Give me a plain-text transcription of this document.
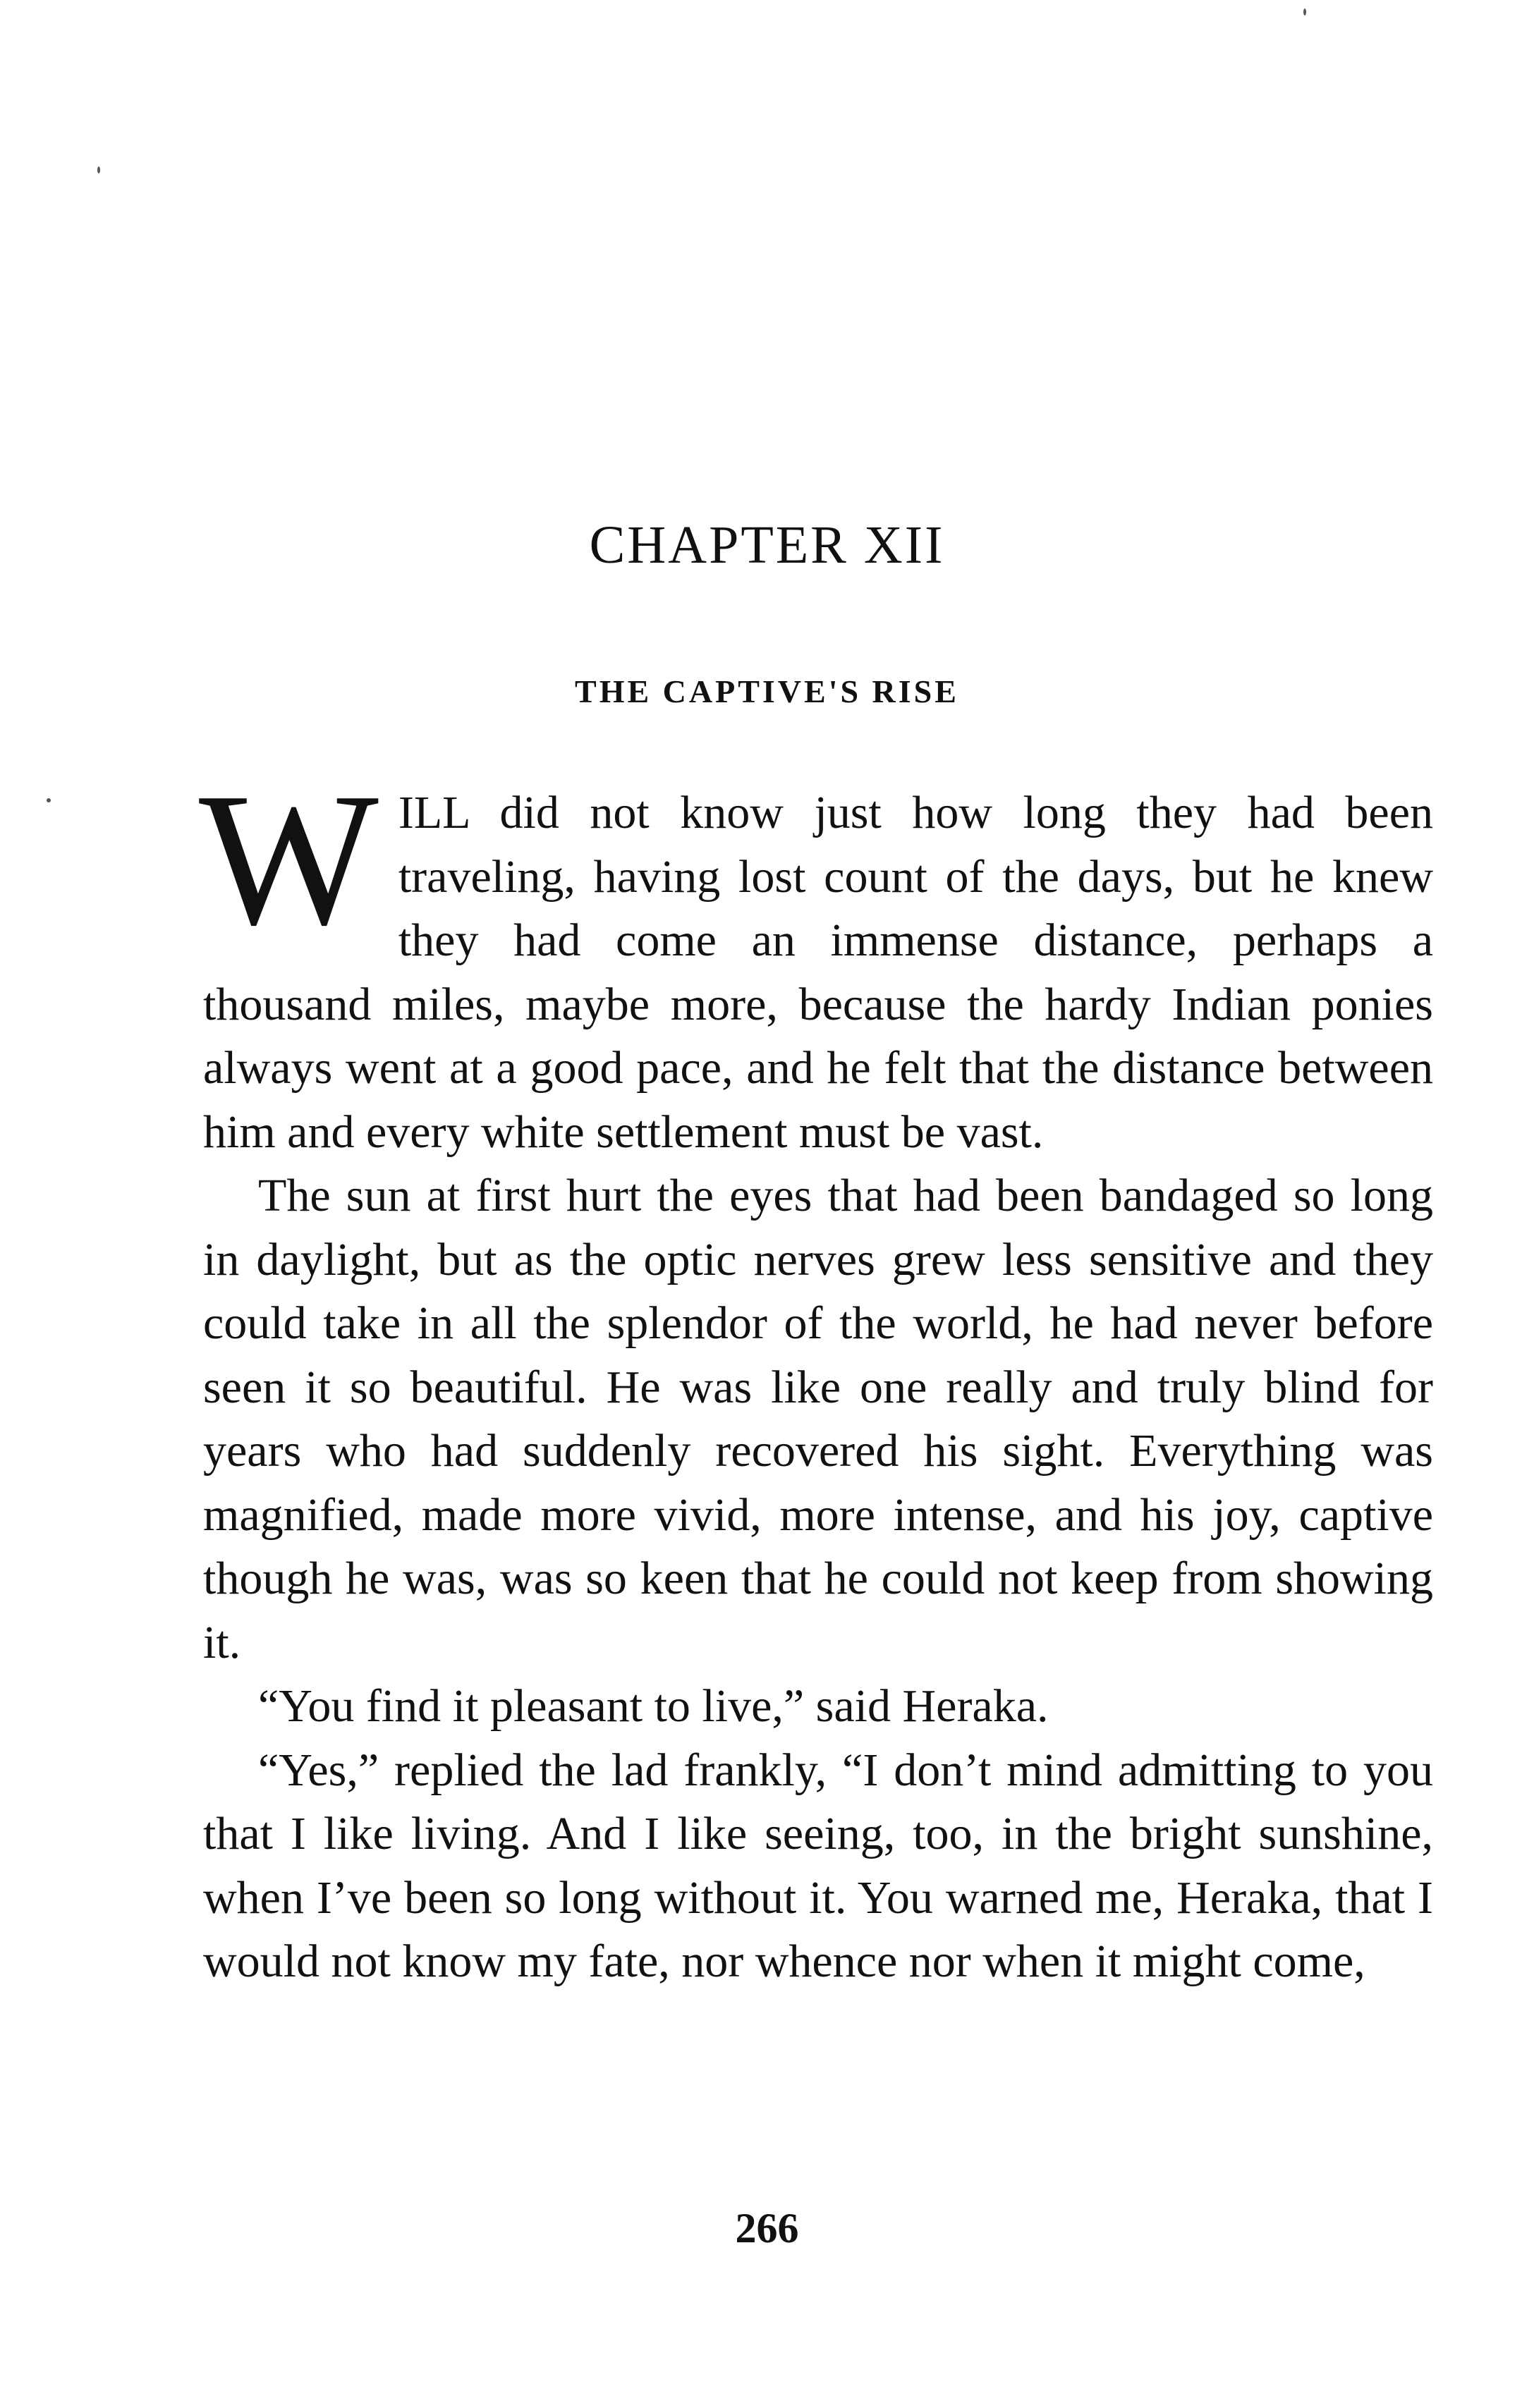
CHAPTER XII
THE CAPTIVE'S RISE

WILL did not know just how long they had been traveling, having lost count of the days, but he knew they had come an immense distance, perhaps a thousand miles, maybe more, because the hardy Indian ponies always went at a good pace, and he felt that the distance between him and every white settlement must be vast.

The sun at first hurt the eyes that had been bandaged so long in daylight, but as the optic nerves grew less sensitive and they could take in all the splendor of the world, he had never before seen it so beautiful. He was like one really and truly blind for years who had suddenly recovered his sight. Everything was magnified, made more vivid, more intense, and his joy, captive though he was, was so keen that he could not keep from showing it.

“You find it pleasant to live,” said Heraka.

“Yes,” replied the lad frankly, “I don’t mind admitting to you that I like living. And I like seeing, too, in the bright sunshine, when I’ve been so long without it. You warned me, Heraka, that I would not know my fate, nor whence nor when it might come,

266
